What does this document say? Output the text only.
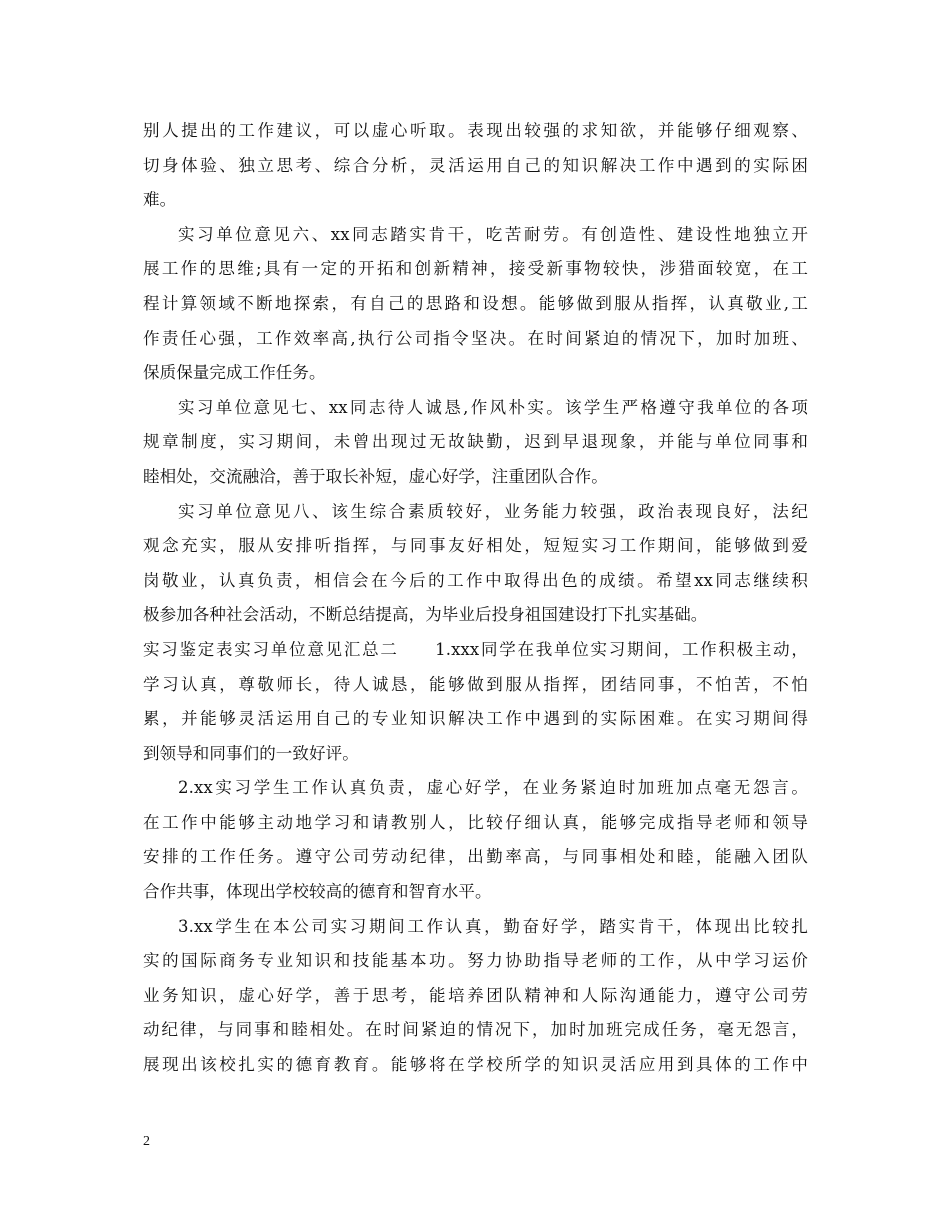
别人提出的工作建议，可以虚心听取。表现出较强的求知欲，并能够仔细观察、
切身体验、独立思考、综合分析，灵活运用自己的知识解决工作中遇到的实际困
难。
实习单位意见六、xx同志踏实肯干，吃苦耐劳。有创造性、建设性地独立开
展工作的思维;具有一定的开拓和创新精神，接受新事物较快，涉猎面较宽，在工
程计算领域不断地探索，有自己的思路和设想。能够做到服从指挥，认真敬业,工
作责任心强，工作效率高,执行公司指令坚决。在时间紧迫的情况下，加时加班、
保质保量完成工作任务。
实习单位意见七、xx同志待人诚恳,作风朴实。该学生严格遵守我单位的各项
规章制度，实习期间，未曾出现过无故缺勤，迟到早退现象，并能与单位同事和
睦相处，交流融洽，善于取长补短，虚心好学，注重团队合作。
实习单位意见八、该生综合素质较好，业务能力较强，政治表现良好，法纪
观念充实，服从安排听指挥，与同事友好相处，短短实习工作期间，能够做到爱
岗敬业，认真负责，相信会在今后的工作中取得出色的成绩。希望xx同志继续积
极参加各种社会活动，不断总结提高，为毕业后投身祖国建设打下扎实基础。
实习鉴定表实习单位意见汇总二　　1.xxx同学在我单位实习期间，工作积极主动，
学习认真，尊敬师长，待人诚恳，能够做到服从指挥，团结同事，不怕苦，不怕
累，并能够灵活运用自己的专业知识解决工作中遇到的实际困难。在实习期间得
到领导和同事们的一致好评。
2.xx实习学生工作认真负责，虚心好学，在业务紧迫时加班加点毫无怨言。
在工作中能够主动地学习和请教别人，比较仔细认真，能够完成指导老师和领导
安排的工作任务。遵守公司劳动纪律，出勤率高，与同事相处和睦，能融入团队
合作共事，体现出学校较高的德育和智育水平。
3.xx学生在本公司实习期间工作认真，勤奋好学，踏实肯干，体现出比较扎
实的国际商务专业知识和技能基本功。努力协助指导老师的工作，从中学习运价
业务知识，虚心好学，善于思考，能培养团队精神和人际沟通能力，遵守公司劳
动纪律，与同事和睦相处。在时间紧迫的情况下，加时加班完成任务，毫无怨言，
展现出该校扎实的德育教育。能够将在学校所学的知识灵活应用到具体的工作中
2
